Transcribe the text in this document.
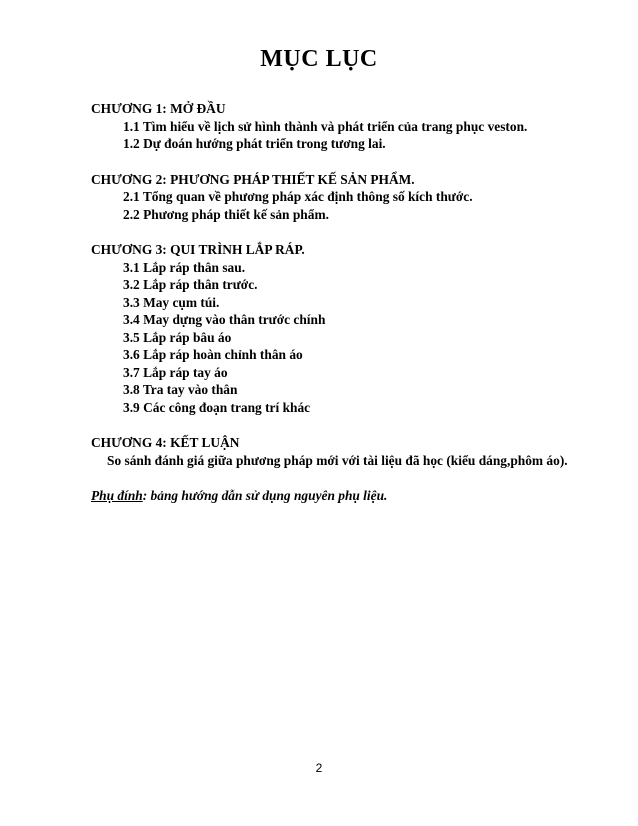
MỤC LỤC
CHƯƠNG 1: MỞ ĐẦU
1.1 Tìm hiểu về lịch sử hình thành và phát triển của trang phục veston.
1.2 Dự đoán hướng phát triển trong tương lai.
CHƯƠNG 2: PHƯƠNG PHÁP THIẾT KẾ SẢN PHẨM.
2.1 Tổng quan về phương pháp xác định thông số kích thước.
2.2 Phương pháp thiết kế sản phẩm.
CHƯƠNG 3: QUI TRÌNH LẮP RÁP.
3.1 Lắp ráp thân sau.
3.2 Lắp ráp thân trước.
3.3 May cụm túi.
3.4 May dựng vào thân trước chính
3.5 Lắp ráp bâu áo
3.6 Lắp ráp hoàn chỉnh thân áo
3.7 Lắp ráp tay áo
3.8 Tra tay vào thân
3.9 Các công đoạn trang trí khác
CHƯƠNG 4: KẾT LUẬN
So sánh đánh giá giữa phương pháp mới với tài liệu đã học (kiểu dáng,phôm áo).
Phụ đính: bảng hướng dẫn sử dụng nguyên phụ liệu.
2
